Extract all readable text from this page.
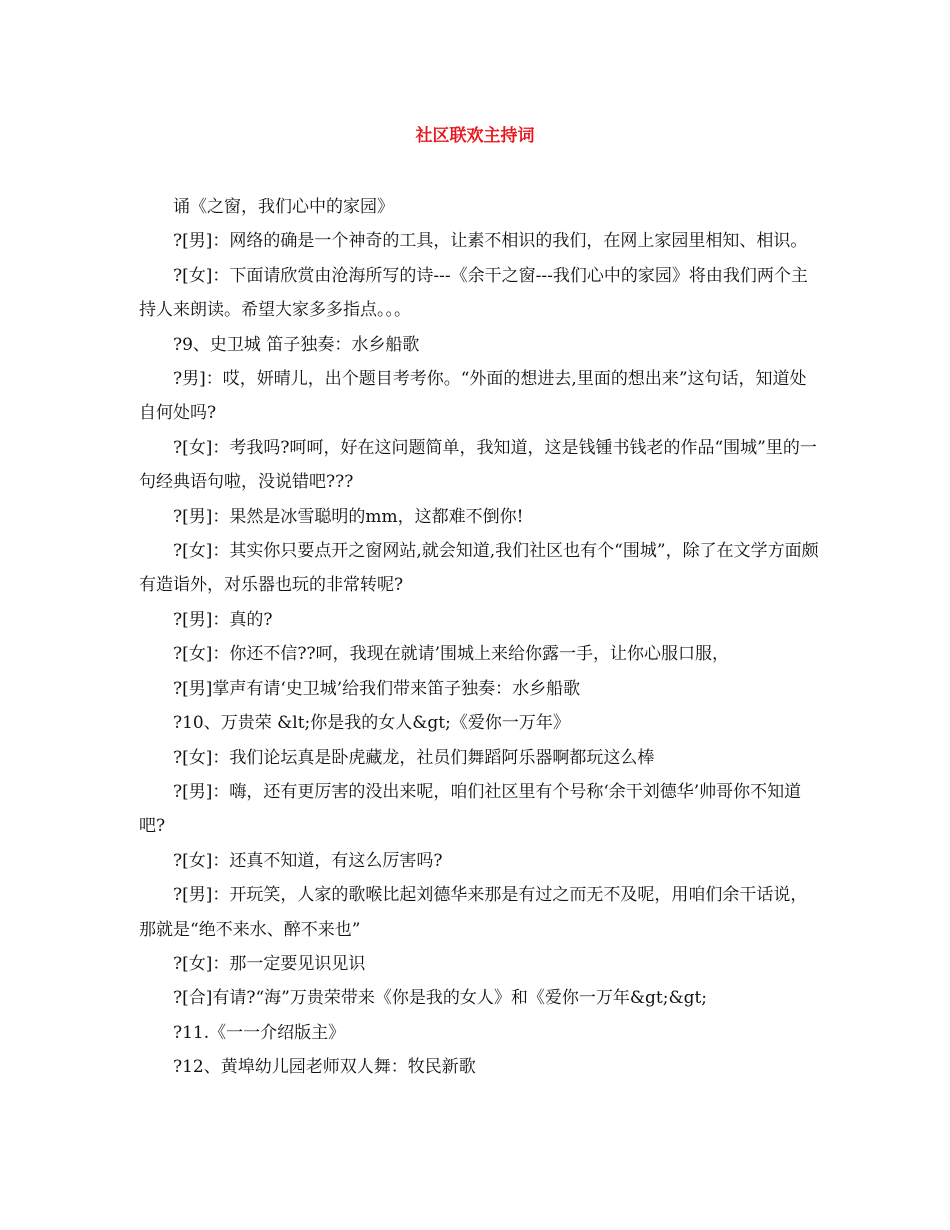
社区联欢主持词

诵《之窗，我们心中的家园》

?[男]：网络的确是一个神奇的工具，让素不相识的我们，在网上家园里相知、相识。

?[女]：下面请欣赏由沧海所写的诗---《余干之窗---我们心中的家园》将由我们两个主持人来朗读。希望大家多多指点。。。

?9、史卫城 笛子独奏：水乡船歌

?男]：哎，妍晴儿，出个题目考考你。“外面的想进去,里面的想出来”这句话，知道处自何处吗?

?[女]：考我吗?呵呵，好在这问题简单，我知道，这是钱锺书钱老的作品“围城”里的一句经典语句啦，没说错吧???

?[男]：果然是冰雪聪明的mm，这都难不倒你!

?[女]：其实你只要点开之窗网站,就会知道,我们社区也有个“围城”，除了在文学方面颇有造诣外，对乐器也玩的非常转呢?

?[男]：真的?

?[女]：你还不信??呵，我现在就请’围城上来给你露一手，让你心服口服，

?[男]掌声有请‘史卫城’给我们带来笛子独奏：水乡船歌

?10、万贵荣 &lt;你是我的女人&gt;《爱你一万年》

?[女]：我们论坛真是卧虎藏龙，社员们舞蹈阿乐器啊都玩这么棒

?[男]：嗨，还有更厉害的没出来呢，咱们社区里有个号称‘余干刘德华’帅哥你不知道吧?

?[女]：还真不知道，有这么厉害吗?

?[男]：开玩笑，人家的歌喉比起刘德华来那是有过之而无不及呢，用咱们余干话说，那就是“绝不来水、醉不来也”

?[女]：那一定要见识见识

?[合]有请?“海”万贵荣带来《你是我的女人》和《爱你一万年&gt;&gt;

?11.《一一介绍版主》

?12、黄埠幼儿园老师双人舞：牧民新歌
